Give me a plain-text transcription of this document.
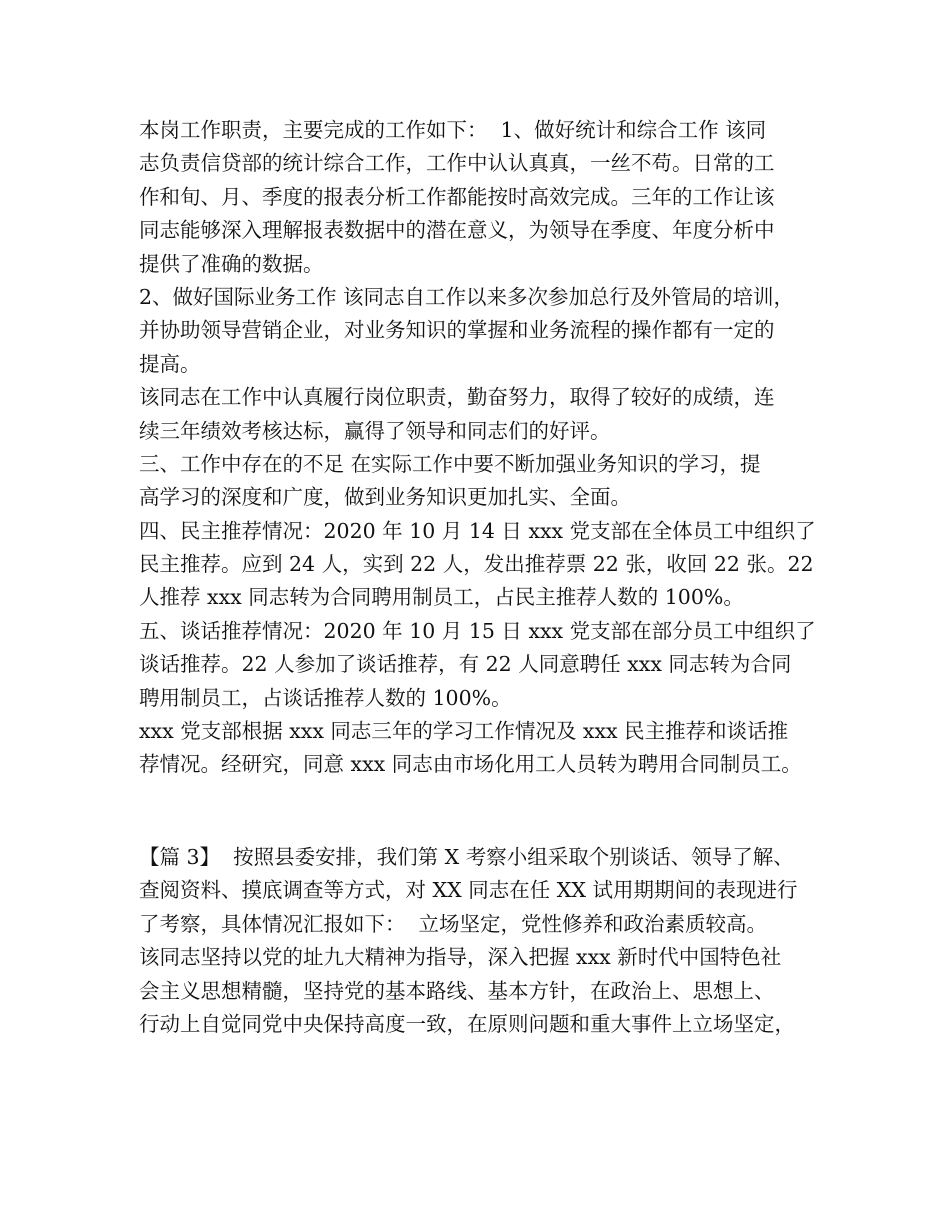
本岗工作职责，主要完成的工作如下：  1、做好统计和综合工作 该同
志负责信贷部的统计综合工作，工作中认认真真，一丝不苟。日常的工
作和旬、月、季度的报表分析工作都能按时高效完成。三年的工作让该
同志能够深入理解报表数据中的潜在意义，为领导在季度、年度分析中
提供了准确的数据。
2、做好国际业务工作 该同志自工作以来多次参加总行及外管局的培训，
并协助领导营销企业，对业务知识的掌握和业务流程的操作都有一定的
提高。
该同志在工作中认真履行岗位职责，勤奋努力，取得了较好的成绩，连
续三年绩效考核达标，赢得了领导和同志们的好评。
三、工作中存在的不足 在实际工作中要不断加强业务知识的学习，提
高学习的深度和广度，做到业务知识更加扎实、全面。
四、民主推荐情况：2020 年 10 月 14 日 xxx 党支部在全体员工中组织了
民主推荐。应到 24 人，实到 22 人，发出推荐票 22 张，收回 22 张。22
人推荐 xxx 同志转为合同聘用制员工，占民主推荐人数的 100%。
五、谈话推荐情况：2020 年 10 月 15 日 xxx 党支部在部分员工中组织了
谈话推荐。22 人参加了谈话推荐，有 22 人同意聘任 xxx 同志转为合同
聘用制员工，占谈话推荐人数的 100%。
xxx 党支部根据 xxx 同志三年的学习工作情况及 xxx 民主推荐和谈话推
荐情况。经研究，同意 xxx 同志由市场化用工人员转为聘用合同制员工。
【篇 3】  按照县委安排，我们第 X 考察小组采取个别谈话、领导了解、
查阅资料、摸底调查等方式，对 XX 同志在任 XX 试用期期间的表现进行
了考察，具体情况汇报如下：  立场坚定，党性修养和政治素质较高。
该同志坚持以党的址九大精神为指导，深入把握 xxx 新时代中国特色社
会主义思想精髓，坚持党的基本路线、基本方针，在政治上、思想上、
行动上自觉同党中央保持高度一致，在原则问题和重大事件上立场坚定，
